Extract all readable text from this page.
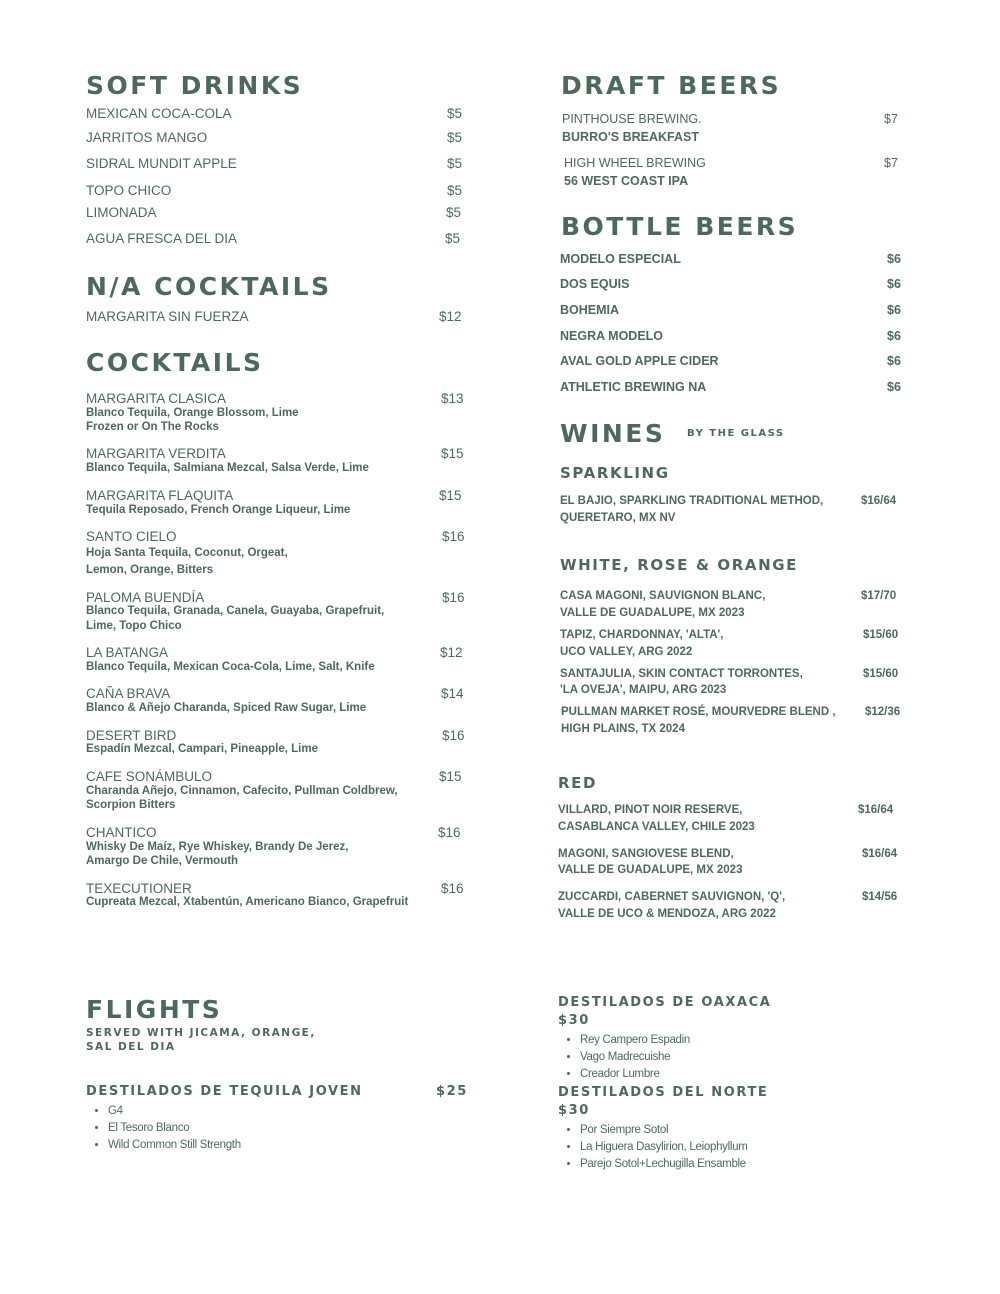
SOFT DRINKS
MEXICAN COCA-COLA	$5
JARRITOS MANGO	$5
SIDRAL MUNDIT APPLE	$5
TOPO CHICO	$5
LIMONADA	$5
AGUA FRESCA DEL DIA	$5
N/A COCKTAILS
MARGARITA SIN FUERZA	$12
COCKTAILS
MARGARITA CLASICA	$13
Blanco Tequila, Orange Blossom, Lime
Frozen or On The Rocks
MARGARITA VERDITA	$15
Blanco Tequila, Salmiana Mezcal, Salsa Verde, Lime
MARGARITA FLAQUITA	$15
Tequila Reposado, French Orange Liqueur, Lime
SANTO CIELO	$16
Hoja Santa Tequila, Coconut, Orgeat,
Lemon, Orange, Bitters
PALOMA BUENDÍA	$16
Blanco Tequila, Granada, Canela, Guayaba, Grapefruit,
Lime, Topo Chico
LA BATANGA	$12
Blanco Tequila, Mexican Coca-Cola, Lime, Salt, Knife
CAÑA BRAVA	$14
Blanco & Añejo Charanda, Spiced Raw Sugar, Lime
DESERT BIRD	$16
Espadín Mezcal, Campari, Pineapple, Lime
CAFE SONÁMBULO	$15
Charanda Añejo, Cinnamon, Cafecito, Pullman Coldbrew,
Scorpion Bitters
CHANTICO	$16
Whisky De Maíz, Rye Whiskey, Brandy De Jerez,
Amargo De Chile, Vermouth
TEXECUTIONER	$16
Cupreata Mezcal, Xtabentún, Americano Bianco, Grapefruit
FLIGHTS
SERVED WITH JICAMA, ORANGE,
SAL DEL DIA
DESTILADOS DE TEQUILA JOVEN	$25
• G4
• El Tesoro Blanco
• Wild Common Still Strength
DRAFT BEERS
PINTHOUSE BREWING.	$7
BURRO'S BREAKFAST
HIGH WHEEL BREWING	$7
56 WEST COAST IPA
BOTTLE BEERS
MODELO ESPECIAL	$6
DOS EQUIS	$6
BOHEMIA	$6
NEGRA MODELO	$6
AVAL GOLD APPLE CIDER	$6
ATHLETIC BREWING NA	$6
WINES BY THE GLASS
SPARKLING
EL BAJIO, SPARKLING TRADITIONAL METHOD,
QUERETARO, MX NV
$16/64
WHITE, ROSE & ORANGE
CASA MAGONI, SAUVIGNON BLANC,
VALLE DE GUADALUPE, MX 2023
$17/70
TAPIZ, CHARDONNAY, 'ALTA',
UCO VALLEY, ARG 2022
$15/60
SANTAJULIA, SKIN CONTACT TORRONTES,
'LA OVEJA', MAIPU, ARG 2023
$15/60
PULLMAN MARKET ROSÉ, MOURVEDRE BLEND ,
HIGH PLAINS, TX 2024
$12/36
RED
VILLARD, PINOT NOIR RESERVE,
CASABLANCA VALLEY, CHILE 2023
$16/64
MAGONI, SANGIOVESE BLEND,
VALLE DE GUADALUPE, MX 2023
$16/64
ZUCCARDI, CABERNET SAUVIGNON, 'Q',
VALLE DE UCO & MENDOZA, ARG 2022
$14/56
DESTILADOS DE OAXACA
$30
• Rey Campero Espadin
• Vago Madrecuishe
• Creador Lumbre
DESTILADOS DEL NORTE
$30
• Por Siempre Sotol
• La Higuera Dasylirion, Leiophyllum
• Parejo Sotol+Lechugilla Ensamble
